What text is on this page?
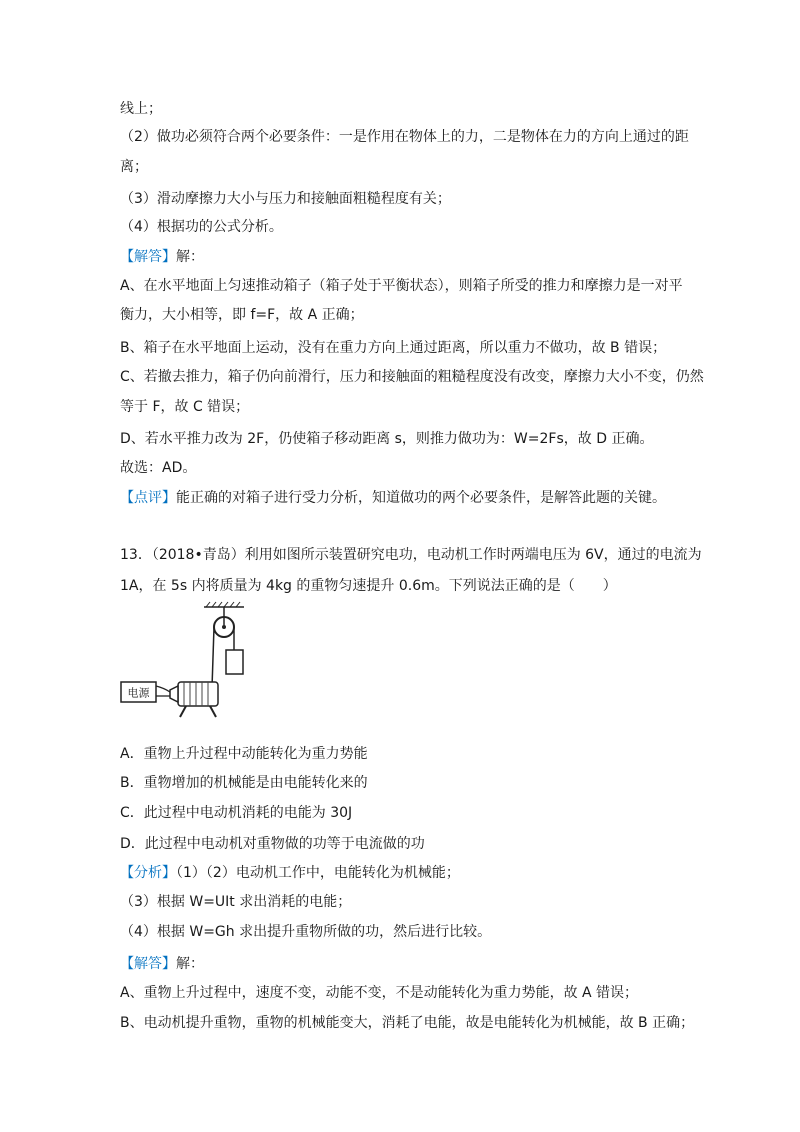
线上；
（2）做功必须符合两个必要条件：一是作用在物体上的力，二是物体在力的方向上通过的距
离；
（3）滑动摩擦力大小与压力和接触面粗糙程度有关；
（4）根据功的公式分析。
【解答】解：
A、在水平地面上匀速推动箱子（箱子处于平衡状态），则箱子所受的推力和摩擦力是一对平
衡力，大小相等，即 f=F，故 A 正确；
B、箱子在水平地面上运动，没有在重力方向上通过距离，所以重力不做功，故 B 错误；
C、若撤去推力，箱子仍向前滑行，压力和接触面的粗糙程度没有改变，摩擦力大小不变，仍然
等于 F，故 C 错误；
D、若水平推力改为 2F，仍使箱子移动距离 s，则推力做功为：W=2Fs，故 D 正确。
故选：AD。
【点评】能正确的对箱子进行受力分析，知道做功的两个必要条件，是解答此题的关键。
13．（2018•青岛）利用如图所示装置研究电功，电动机工作时两端电压为 6V，通过的电流为
1A，在 5s 内将质量为 4kg 的重物匀速提升 0.6m。下列说法正确的是（　　）
电源
A．重物上升过程中动能转化为重力势能
B．重物增加的机械能是由电能转化来的
C．此过程中电动机消耗的电能为 30J
D．此过程中电动机对重物做的功等于电流做的功
【分析】（1）（2）电动机工作中，电能转化为机械能；
（3）根据 W=UIt 求出消耗的电能；
（4）根据 W=Gh 求出提升重物所做的功，然后进行比较。
【解答】解：
A、重物上升过程中，速度不变，动能不变，不是动能转化为重力势能，故 A 错误；
B、电动机提升重物，重物的机械能变大，消耗了电能，故是电能转化为机械能，故 B 正确；
